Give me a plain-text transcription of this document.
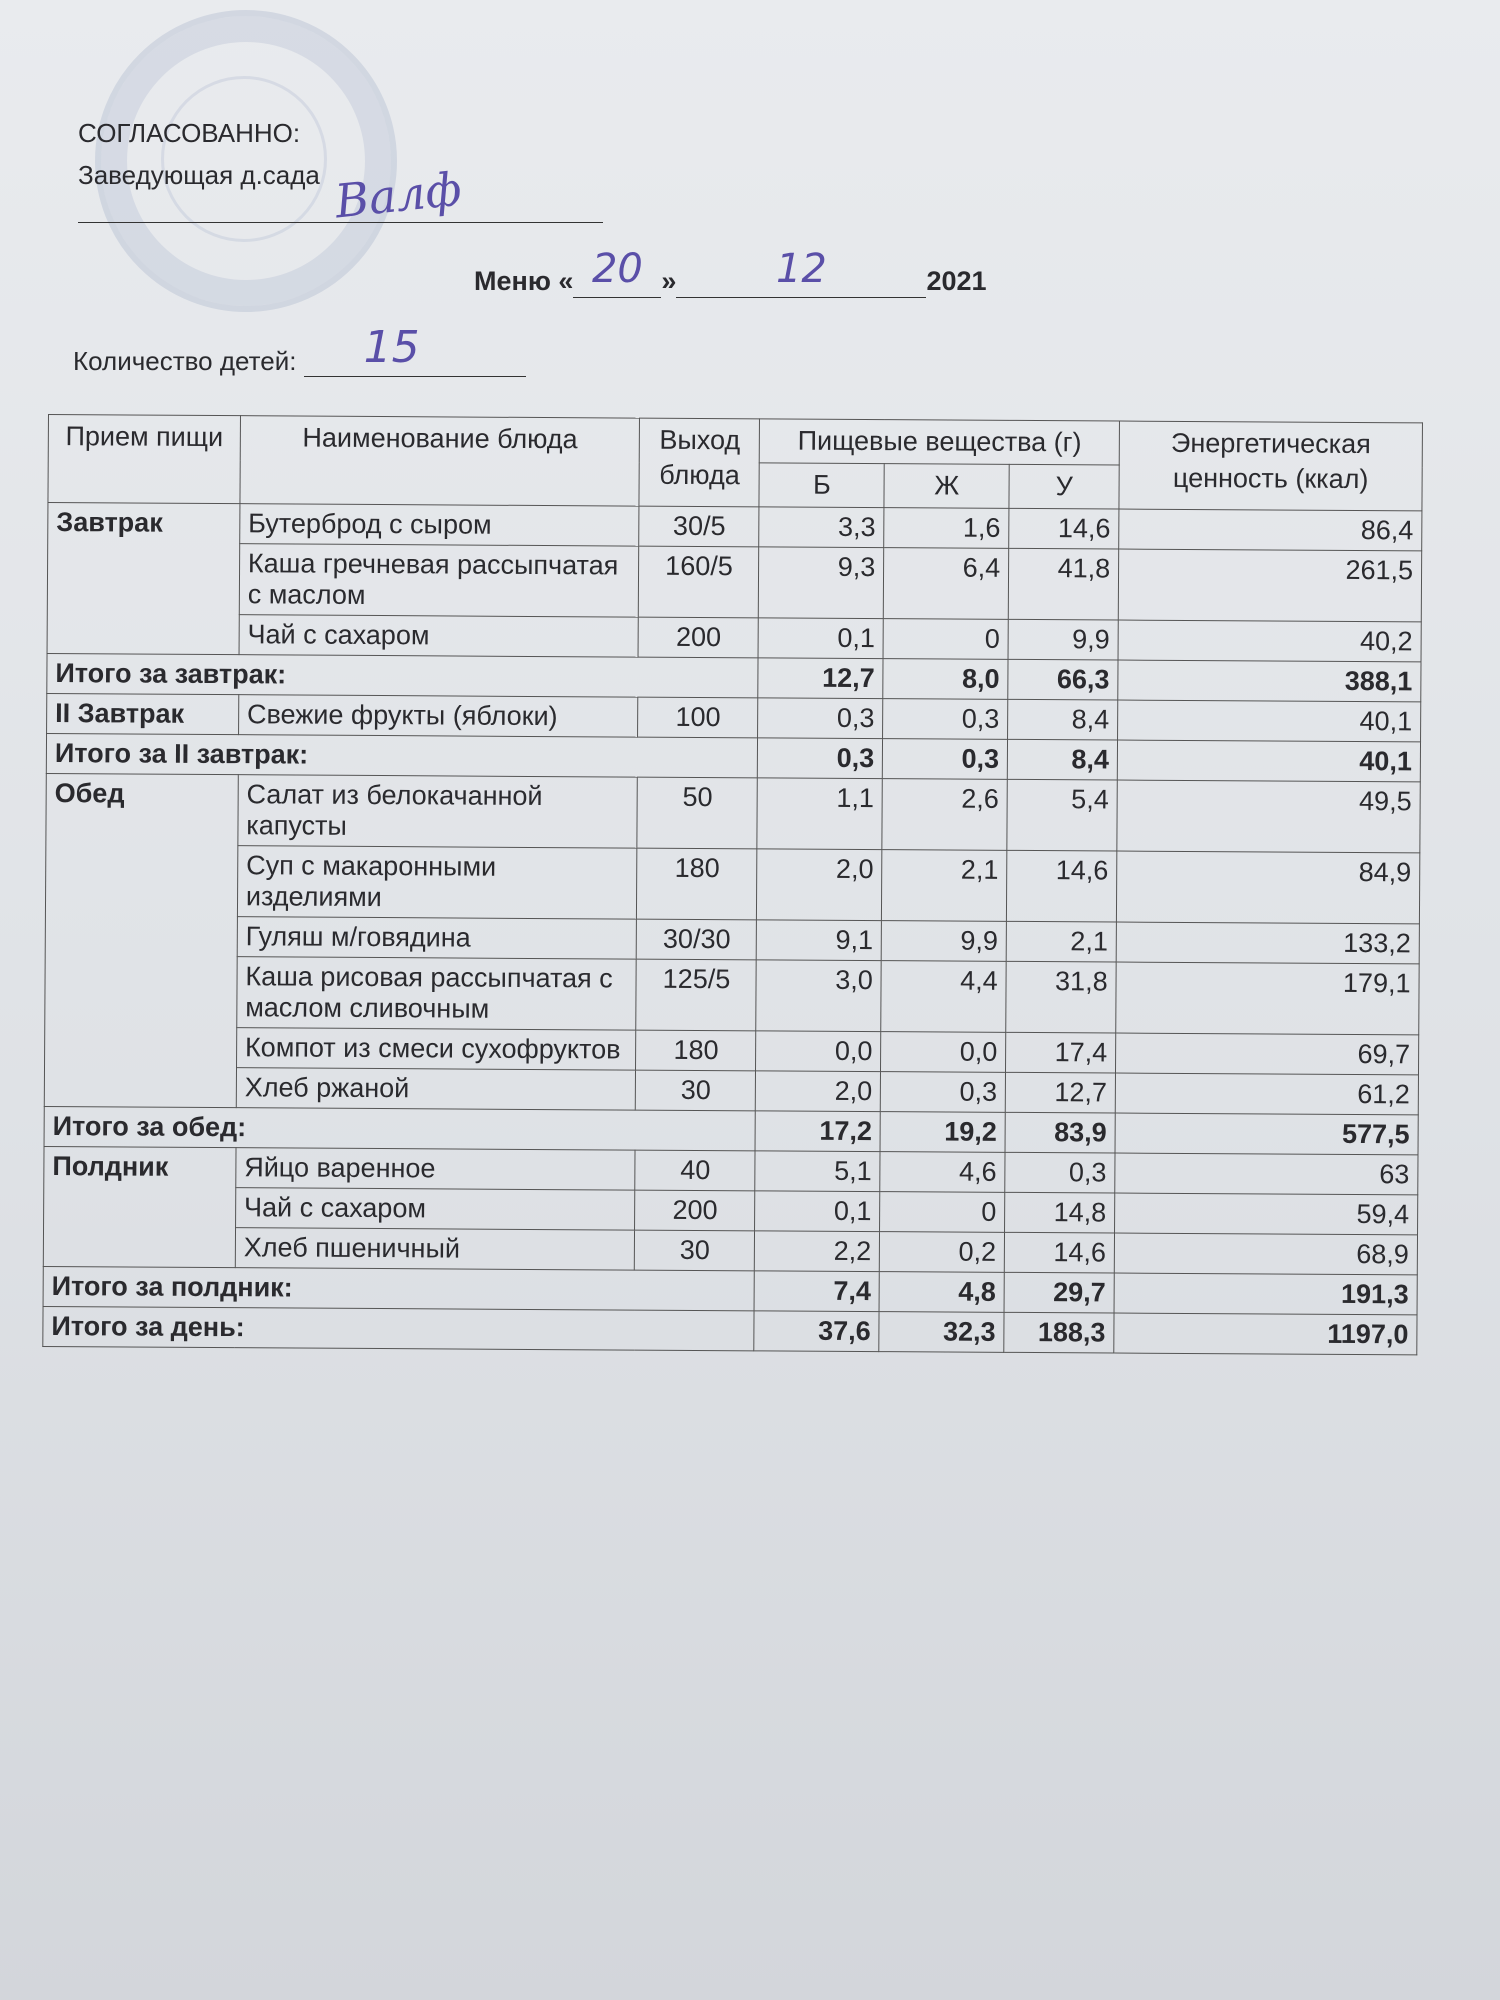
СОГЛАСОВАННО:
Заведующая д.сада Валф
Меню « 20 »	12	2021
Количество детей: 15
Прием пищи	Наименование блюда	Выход блюда	Пищевые вещества (г)			Энергетическая ценность (ккал)
			Б	Ж	У	
Завтрак	Бутерброд с сыром	30/5	3,3	1,6	14,6	86,4
	Каша гречневая рассыпчатая с маслом	160/5	9,3	6,4	41,8	261,5
	Чай с сахаром	200	0,1	0	9,9	40,2
Итого за завтрак:			12,7	8,0	66,3	388,1
II Завтрак	Свежие фрукты (яблоки)	100	0,3	0,3	8,4	40,1
Итого за II завтрак:			0,3	0,3	8,4	40,1
Обед	Салат из белокачанной капусты	50	1,1	2,6	5,4	49,5
	Суп с макаронными изделиями	180	2,0	2,1	14,6	84,9
	Гуляш м/говядина	30/30	9,1	9,9	2,1	133,2
	Каша рисовая рассыпчатая с маслом сливочным	125/5	3,0	4,4	31,8	179,1
	Компот из смеси сухофруктов	180	0,0	0,0	17,4	69,7
	Хлеб ржаной	30	2,0	0,3	12,7	61,2
Итого за обед:			17,2	19,2	83,9	577,5
Полдник	Яйцо варенное	40	5,1	4,6	0,3	63
	Чай с сахаром	200	0,1	0	14,8	59,4
	Хлеб пшеничный	30	2,2	0,2	14,6	68,9
Итого за полдник:			7,4	4,8	29,7	191,3
Итого за день:			37,6	32,3	188,3	1197,0
